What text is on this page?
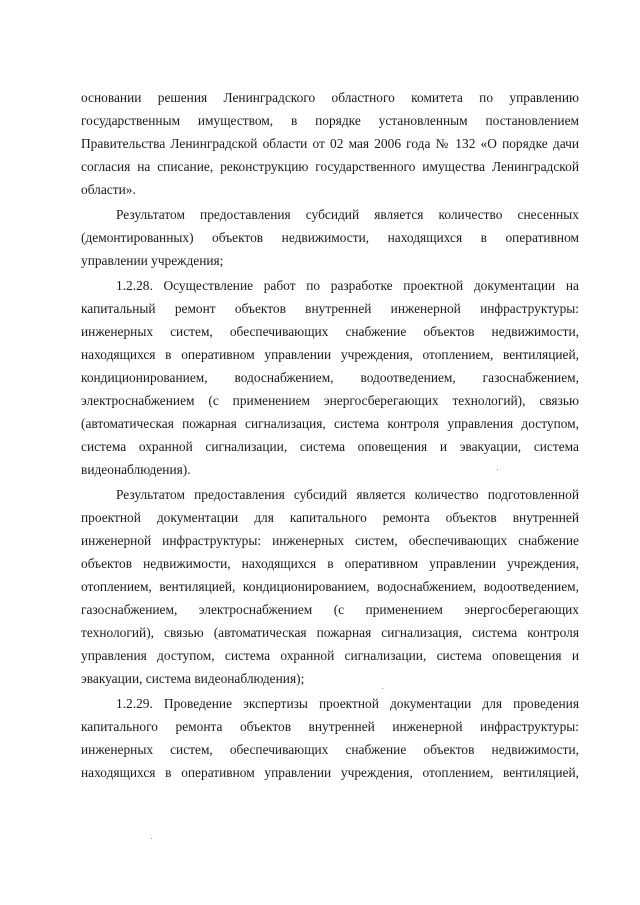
основании решения Ленинградского областного комитета по управлению
государственным имуществом, в порядке установленным постановлением
Правительства Ленинградской области от 02 мая 2006 года № 132 «О порядке дачи
согласия на списание, реконструкцию государственного имущества Ленинградской
области».
Результатом предоставления субсидий является количество снесенных
(демонтированных) объектов недвижимости, находящихся в оперативном
управлении учреждения;
1.2.28. Осуществление работ по разработке проектной документации на
капитальный ремонт объектов внутренней инженерной инфраструктуры:
инженерных систем, обеспечивающих снабжение объектов недвижимости,
находящихся в оперативном управлении учреждения, отоплением, вентиляцией,
кондиционированием, водоснабжением, водоотведением, газоснабжением,
электроснабжением (с применением энергосберегающих технологий), связью
(автоматическая пожарная сигнализация, система контроля управления доступом,
система охранной сигнализации, система оповещения и эвакуации, система
видеонаблюдения).
Результатом предоставления субсидий является количество подготовленной
проектной документации для капитального ремонта объектов внутренней
инженерной инфраструктуры: инженерных систем, обеспечивающих снабжение
объектов недвижимости, находящихся в оперативном управлении учреждения,
отоплением, вентиляцией, кондиционированием, водоснабжением, водоотведением,
газоснабжением, электроснабжением (с применением энергосберегающих
технологий), связью (автоматическая пожарная сигнализация, система контроля
управления доступом, система охранной сигнализации, система оповещения и
эвакуации, система видеонаблюдения);
1.2.29. Проведение экспертизы проектной документации для проведения
капитального ремонта объектов внутренней инженерной инфраструктуры:
инженерных систем, обеспечивающих снабжение объектов недвижимости,
находящихся в оперативном управлении учреждения, отоплением, вентиляцией,
